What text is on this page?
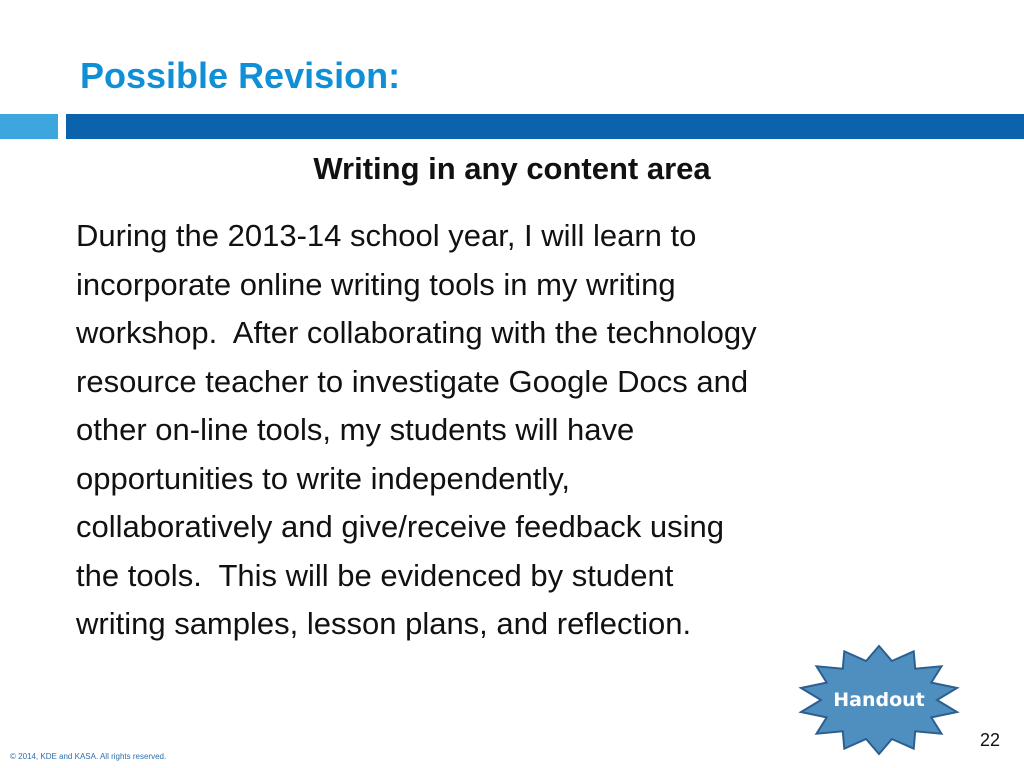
Possible Revision:
Writing in any content area
During the 2013-14 school year, I will learn to
incorporate online writing tools in my writing
workshop.  After collaborating with the technology
resource teacher to investigate Google Docs and
other on-line tools, my students will have
opportunities to write independently,
collaboratively and give/receive feedback using
the tools.  This will be evidenced by student
writing samples, lesson plans, and reflection.
Handout
22
© 2014, KDE and KASA. All rights reserved.
